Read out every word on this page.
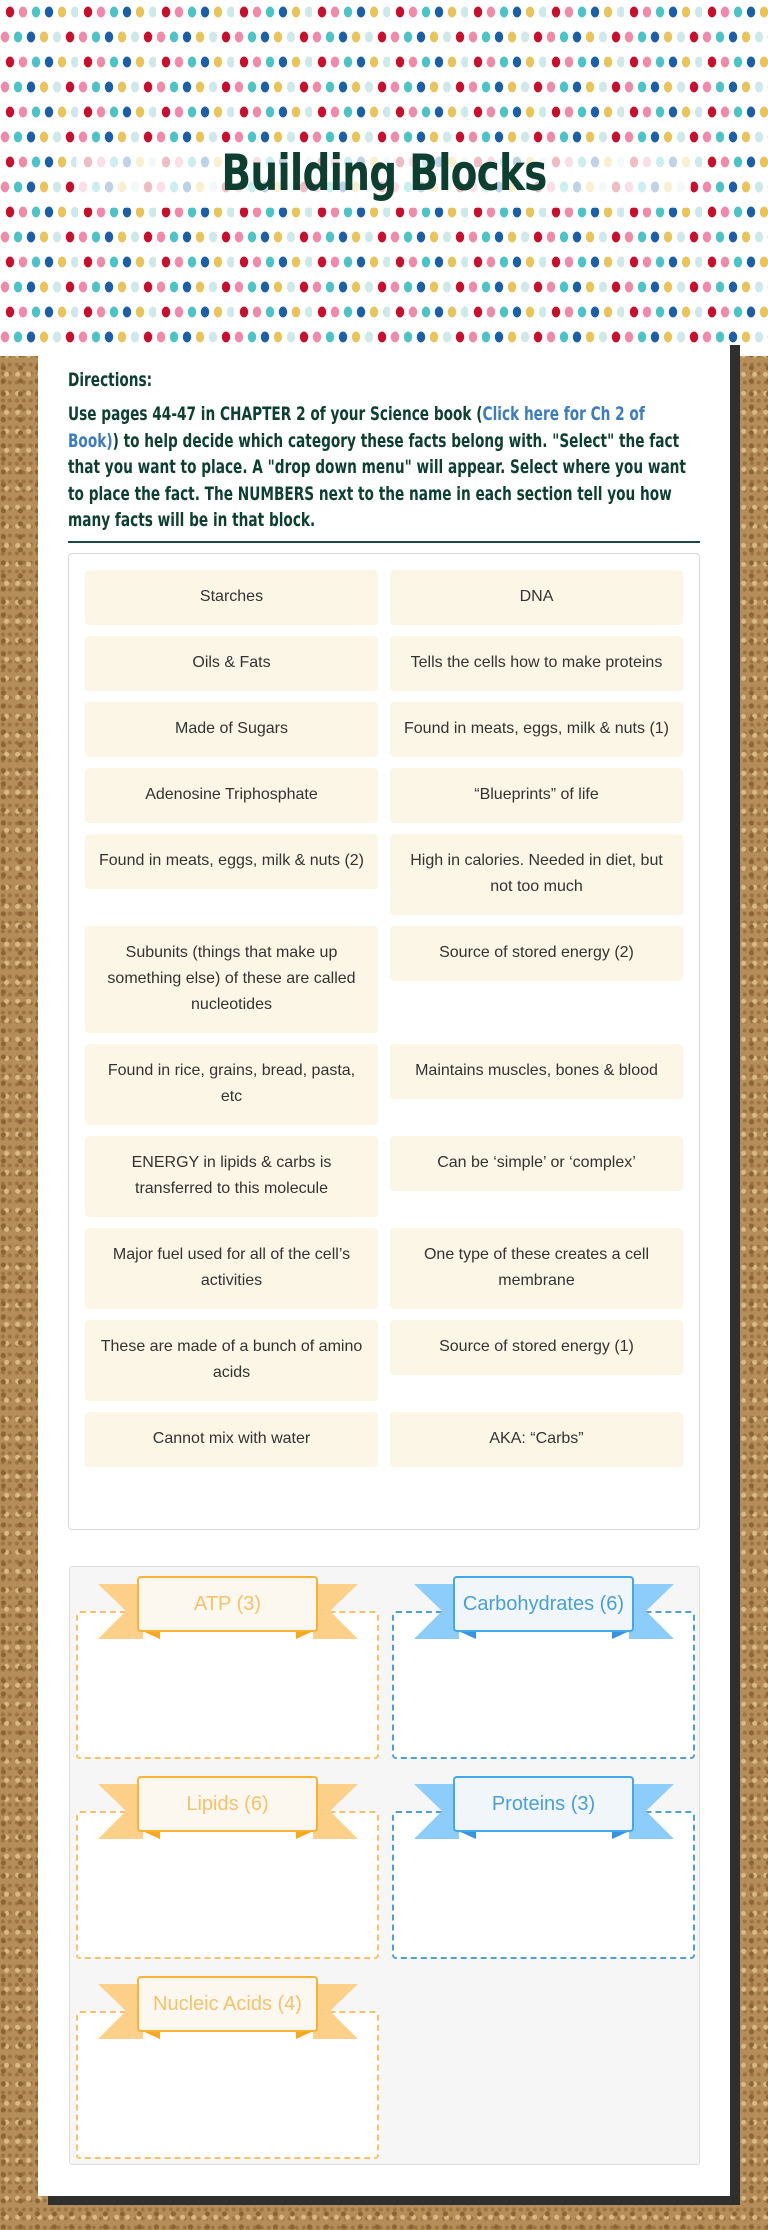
Building Blocks
Directions:
Use pages 44-47 in CHAPTER 2 of your Science book (Click here for Ch 2 of Book)) to help decide which category these facts belong with. "Select" the fact that you want to place. A "drop down menu" will appear. Select where you want to place the fact. The NUMBERS next to the name in each section tell you how many facts will be in that block.
Starches	DNA
Oils & Fats	Tells the cells how to make proteins
Made of Sugars	Found in meats, eggs, milk & nuts (1)
Adenosine Triphosphate	“Blueprints” of life
Found in meats, eggs, milk & nuts (2)	High in calories. Needed in diet, but not too much
Subunits (things that make up something else) of these are called nucleotides
Source of stored energy (2)
Found in rice, grains, bread, pasta, etc
Maintains muscles, bones & blood
ENERGY in lipids & carbs is transferred to this molecule
Can be ‘simple’ or ‘complex’
Major fuel used for all of the cell’s activities
One type of these creates a cell membrane
These are made of a bunch of amino acids
Source of stored energy (1)
Cannot mix with water	AKA: “Carbs”
ATP (3)	Carbohydrates (6)
Lipids (6)	Proteins (3)
Nucleic Acids (4)
